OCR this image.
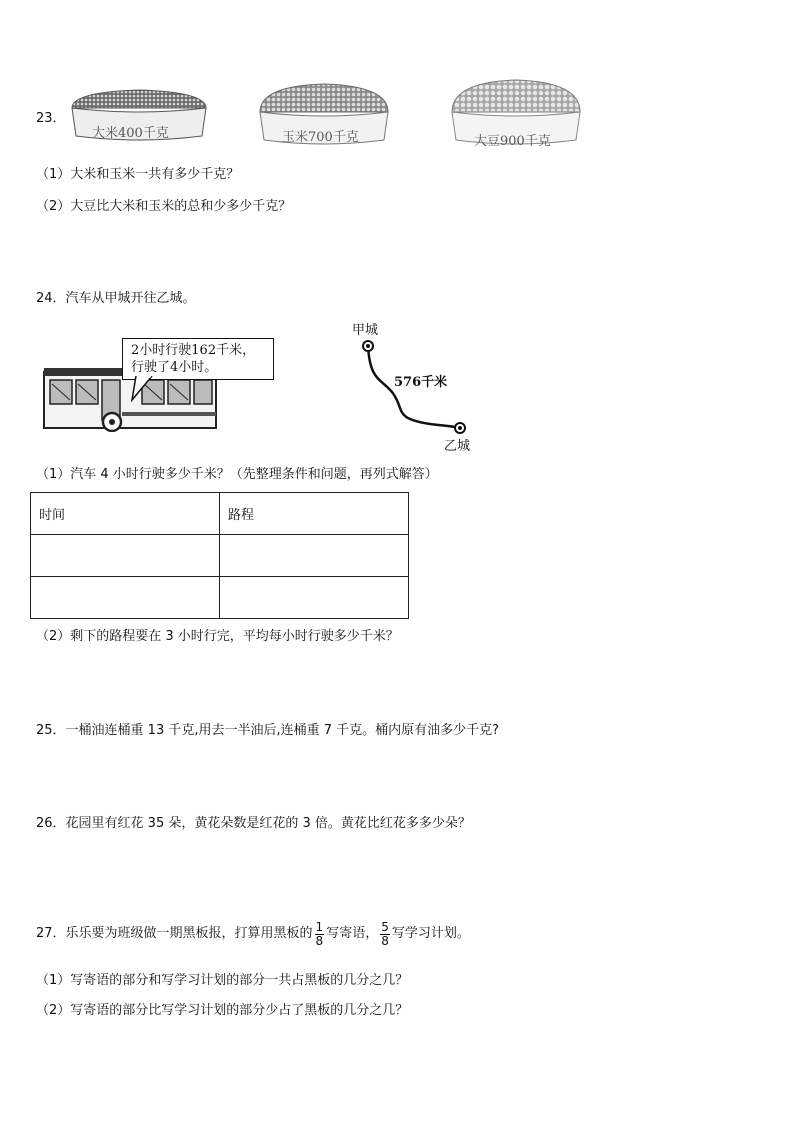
23．
大米400千克	玉米700千克	大豆900千克
（1）大米和玉米一共有多少千克？
（2）大豆比大米和玉米的总和少多少千克？
24．汽车从甲城开往乙城。
2小时行驶162千米，
行驶了4小时。
甲城
576千米
乙城
（1）汽车 4 小时行驶多少千米？（先整理条件和问题，再列式解答）
时间	路程

（2）剩下的路程要在 3 小时行完，平均每小时行驶多少千米？
25．一桶油连桶重 13 千克,用去一半油后,连桶重 7 千克。桶内原有油多少千克?
26．花园里有红花 35 朵，黄花朵数是红花的 3 倍。黄花比红花多多少朵？
27．乐乐要为班级做一期黑板报，打算用黑板的 $\frac{1}{8}$ 写寄语， $\frac{5}{8}$ 写学习计划。
（1）写寄语的部分和写学习计划的部分一共占黑板的几分之几？
（2）写寄语的部分比写学习计划的部分少占了黑板的几分之几？
